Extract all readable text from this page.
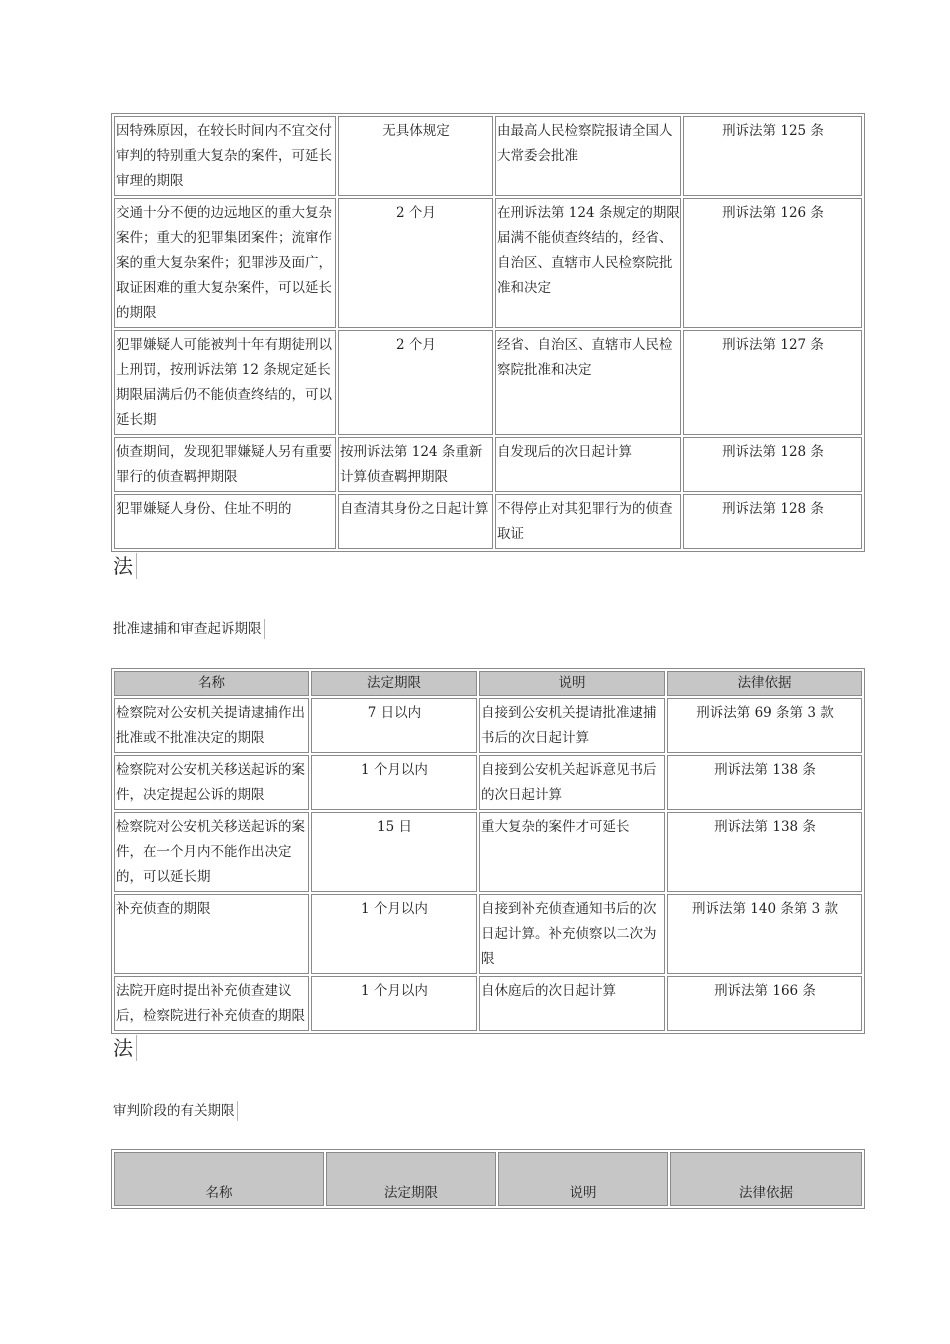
因特殊原因，在较长时间内不宜交付审判的特别重大复杂的案件，可延长审理的期限	无具体规定	由最高人民检察院报请全国人大常委会批准	刑诉法第 125 条
交通十分不便的边远地区的重大复杂案件；重大的犯罪集团案件；流窜作案的重大复杂案件；犯罪涉及面广，取证困难的重大复杂案件，可以延长的期限	2 个月	在刑诉法第 124 条规定的期限届满不能侦查终结的，经省、自治区、直辖市人民检察院批准和决定	刑诉法第 126 条
犯罪嫌疑人可能被判十年有期徒刑以上刑罚，按刑诉法第 12 条规定延长期限届满后仍不能侦查终结的，可以延长期	2 个月	经省、自治区、直辖市人民检察院批准和决定	刑诉法第 127 条
侦查期间，发现犯罪嫌疑人另有重要罪行的侦查羁押期限	按刑诉法第 124 条重新计算侦查羁押期限	自发现后的次日起计算	刑诉法第 128 条
犯罪嫌疑人身份、住址不明的	自查清其身份之日起计算	不得停止对其犯罪行为的侦查取证	刑诉法第 128 条
法
批准逮捕和审查起诉期限
名称	法定期限	说明	法律依据
检察院对公安机关提请逮捕作出批准或不批准决定的期限	7 日以内	自接到公安机关提请批准逮捕书后的次日起计算	刑诉法第 69 条第 3 款
检察院对公安机关移送起诉的案件，决定提起公诉的期限	1 个月以内	自接到公安机关起诉意见书后的次日起计算	刑诉法第 138 条
检察院对公安机关移送起诉的案件，在一个月内不能作出决定的，可以延长期	15 日	重大复杂的案件才可延长	刑诉法第 138 条
补充侦查的期限	1 个月以内	自接到补充侦查通知书后的次日起计算。补充侦察以二次为限	刑诉法第 140 条第 3 款
法院开庭时提出补充侦查建议后，检察院进行补充侦查的期限	1 个月以内	自休庭后的次日起计算	刑诉法第 166 条
法
审判阶段的有关期限
名称	法定期限	说明	法律依据
